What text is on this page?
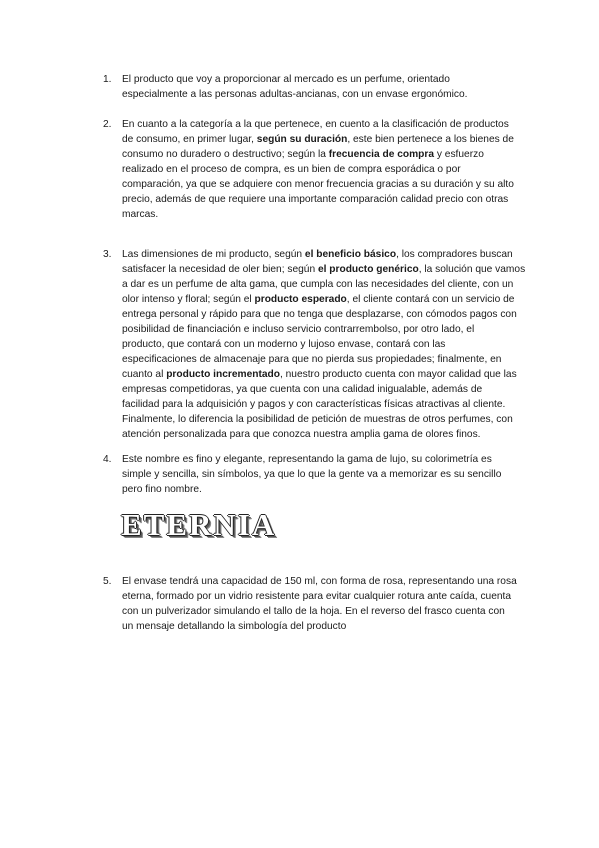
1.	El producto que voy a proporcionar al mercado es un perfume, orientado

especialmente a las personas adultas-ancianas, con un envase ergonómico.

2.	En cuanto a la categoría a la que pertenece, en cuento a la clasificación de productos

de consumo, en primer lugar, según su duración, este bien pertenece a los bienes de

consumo no duradero o destructivo; según la frecuencia de compra y esfuerzo

realizado en el proceso de compra, es un bien de compra esporádica o por

comparación, ya que se adquiere con menor frecuencia gracias a su duración y su alto

precio, además de que requiere una importante comparación calidad precio con otras

marcas.

3.	Las dimensiones de mi producto, según el beneficio básico, los compradores buscan

satisfacer la necesidad de oler bien; según el producto genérico, la solución que vamos

a dar es un perfume de alta gama, que cumpla con las necesidades del cliente, con un

olor intenso y floral; según el producto esperado, el cliente contará con un servicio de

entrega personal y rápido para que no tenga que desplazarse, con cómodos pagos con

posibilidad de financiación e incluso servicio contrarrembolso, por otro lado, el

producto, que contará con un moderno y lujoso envase, contará con las

especificaciones de almacenaje para que no pierda sus propiedades; finalmente, en

cuanto al producto incrementado, nuestro producto cuenta con mayor calidad que las

empresas competidoras, ya que cuenta con una calidad inigualable, además de

facilidad para la adquisición y pagos y con características físicas atractivas al cliente.

Finalmente, lo diferencia la posibilidad de petición de muestras de otros perfumes, con

atención personalizada para que conozca nuestra amplia gama de olores finos.

4.	Este nombre es fino y elegante, representando la gama de lujo, su colorimetría es

simple y sencilla, sin símbolos, ya que lo que la gente va a memorizar es su sencillo

pero fino nombre.

ETERNIA
5.	El envase tendrá una capacidad de 150 ml, con forma de rosa, representando una rosa

eterna, formado por un vidrio resistente para evitar cualquier rotura ante caída, cuenta

con un pulverizador simulando el tallo de la hoja. En el reverso del frasco cuenta con

un mensaje detallando la simbología del producto
